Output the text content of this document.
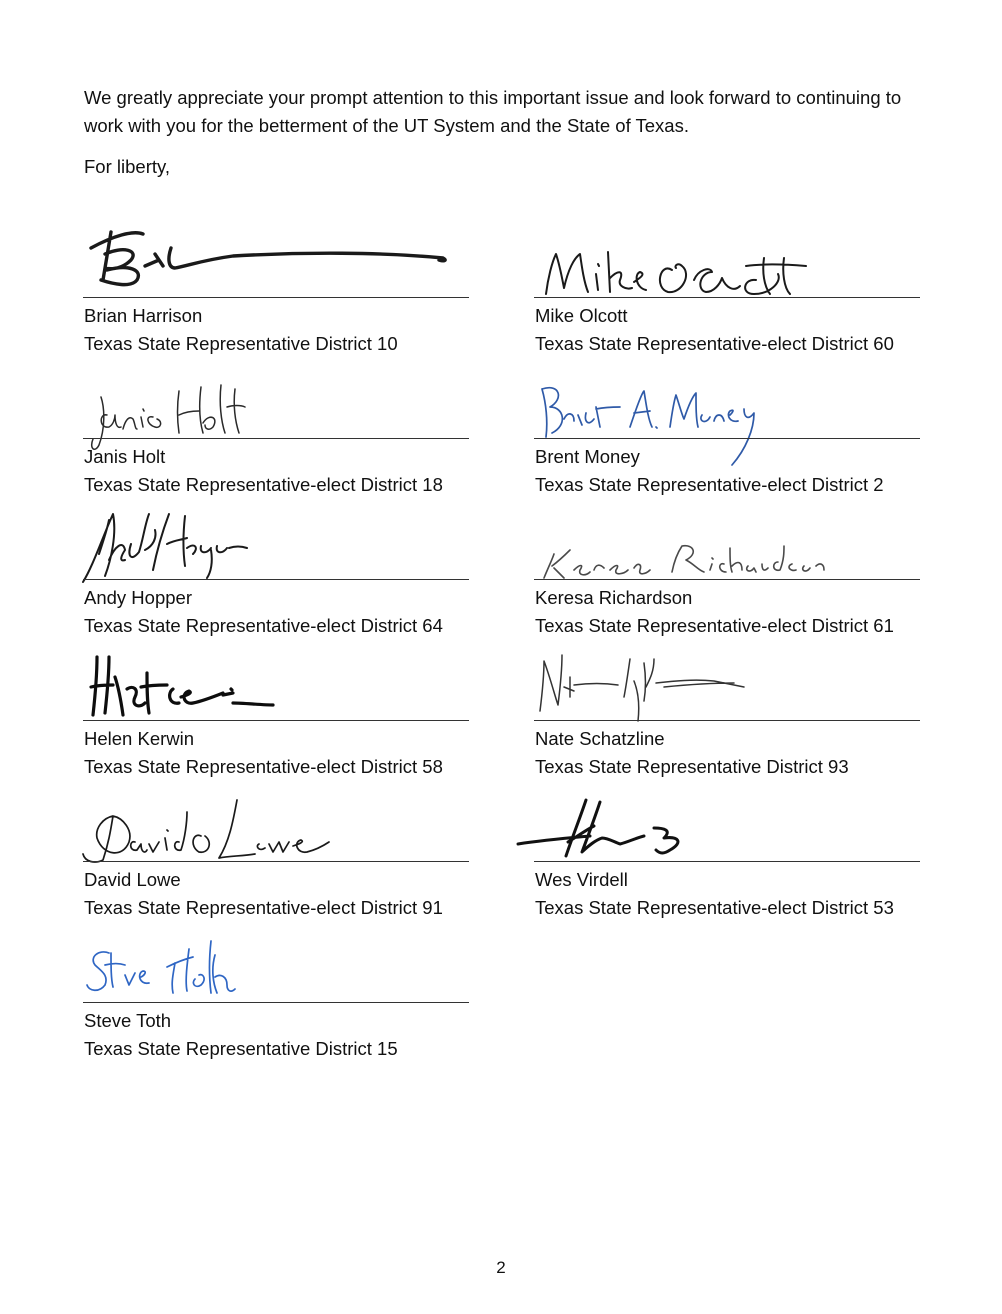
We greatly appreciate your prompt attention to this important issue and look forward to continuing to work with you for the betterment of the UT System and the State of Texas.

For liberty,

Brian Harrison
Texas State Representative District 10
Mike Olcott
Texas State Representative-elect District 60
Janis Holt
Texas State Representative-elect District 18
Brent Money
Texas State Representative-elect District 2
Andy Hopper
Texas State Representative-elect District 64
Keresa Richardson
Texas State Representative-elect District 61
Helen Kerwin
Texas State Representative-elect District 58
Nate Schatzline
Texas State Representative District 93
David Lowe
Texas State Representative-elect District 91
Wes Virdell
Texas State Representative-elect District 53
Steve Toth
Texas State Representative District 15
2
